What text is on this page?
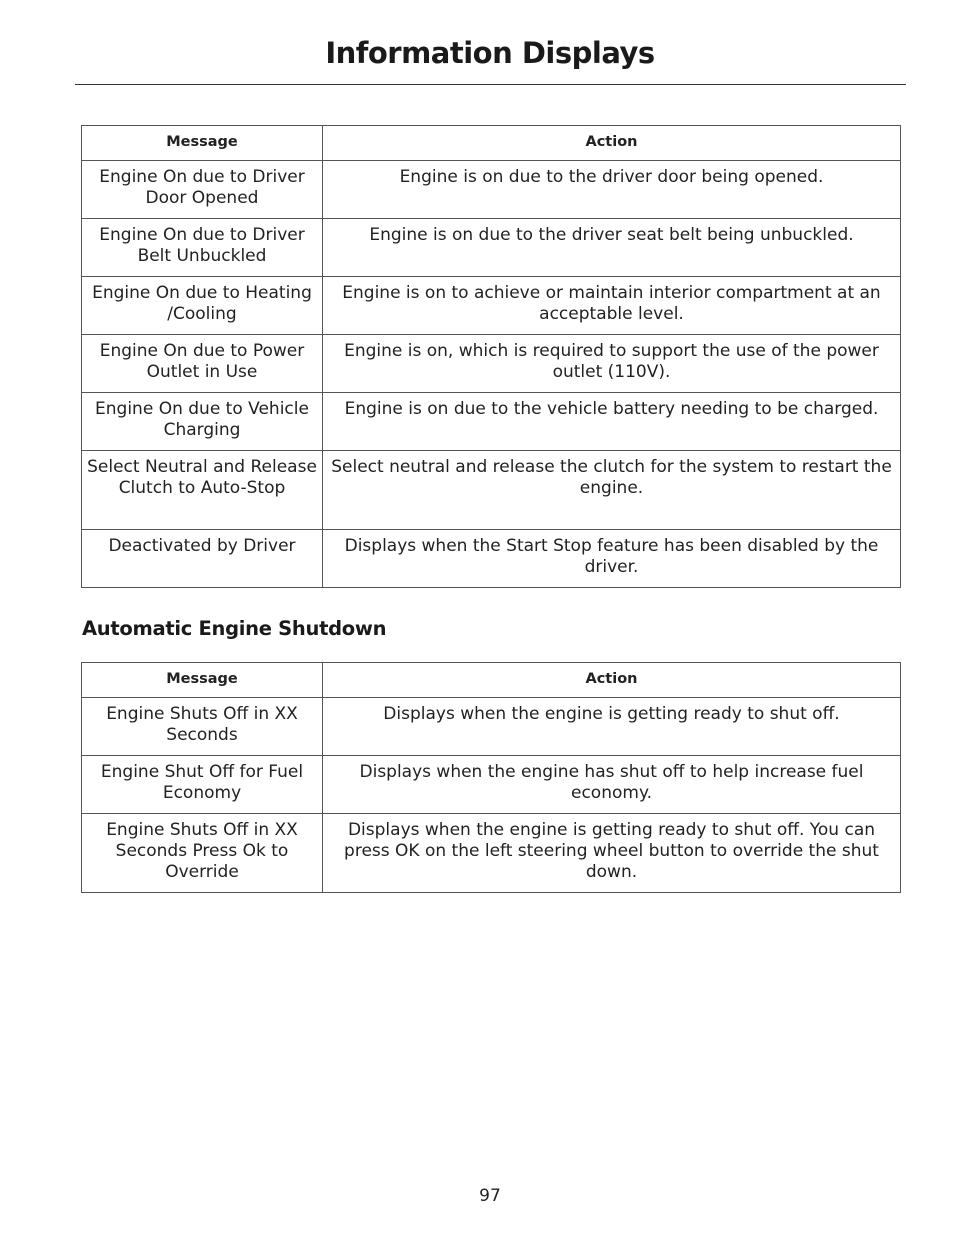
Information Displays
Message	Action
Engine On due to Driver Door Opened	Engine is on due to the driver door being opened.
Engine On due to Driver Belt Unbuckled	Engine is on due to the driver seat belt being unbuckled.
Engine On due to Heating /Cooling	Engine is on to achieve or maintain interior compartment at an acceptable level.
Engine On due to Power Outlet in Use	Engine is on, which is required to support the use of the power outlet (110V).
Engine On due to Vehicle Charging	Engine is on due to the vehicle battery needing to be charged.
Select Neutral and Release Clutch to Auto-Stop	Select neutral and release the clutch for the system to restart the engine.
Deactivated by Driver	Displays when the Start Stop feature has been disabled by the driver.
Automatic Engine Shutdown
Message	Action
Engine Shuts Off in XX Seconds	Displays when the engine is getting ready to shut off.
Engine Shut Off for Fuel Economy	Displays when the engine has shut off to help increase fuel economy.
Engine Shuts Off in XX Seconds Press Ok to Override	Displays when the engine is getting ready to shut off. You can press OK on the left steering wheel button to override the shut down.
97
